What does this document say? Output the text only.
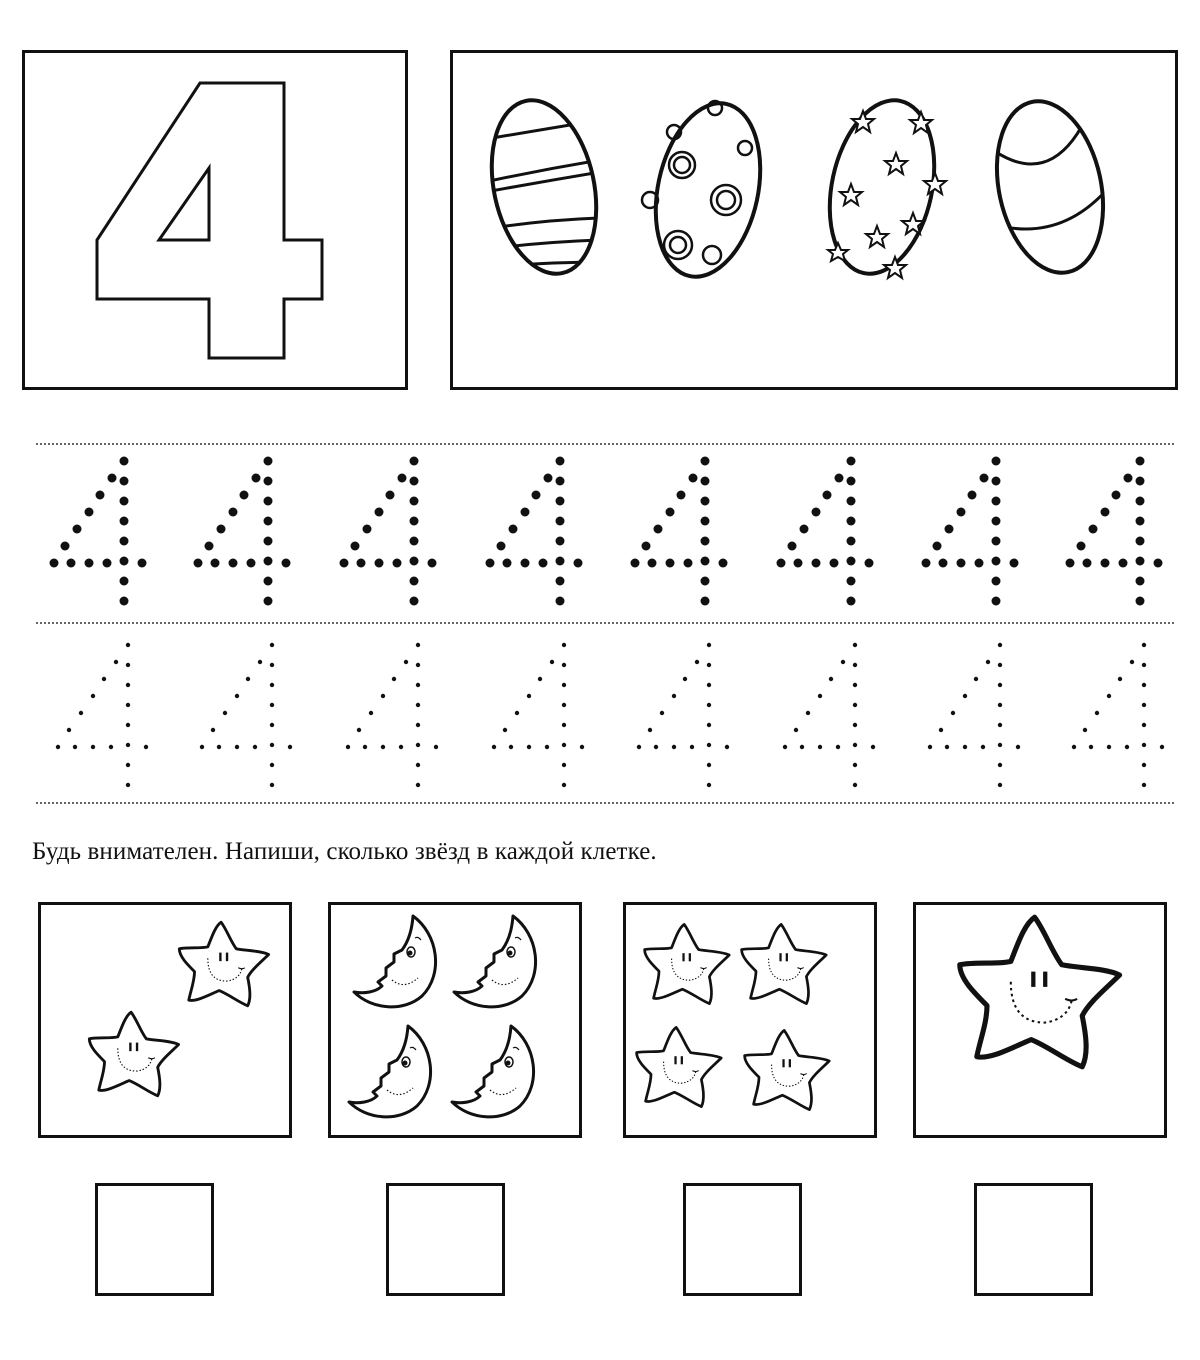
Будь внимателен. Напиши, сколько звёзд в каждой клетке.
